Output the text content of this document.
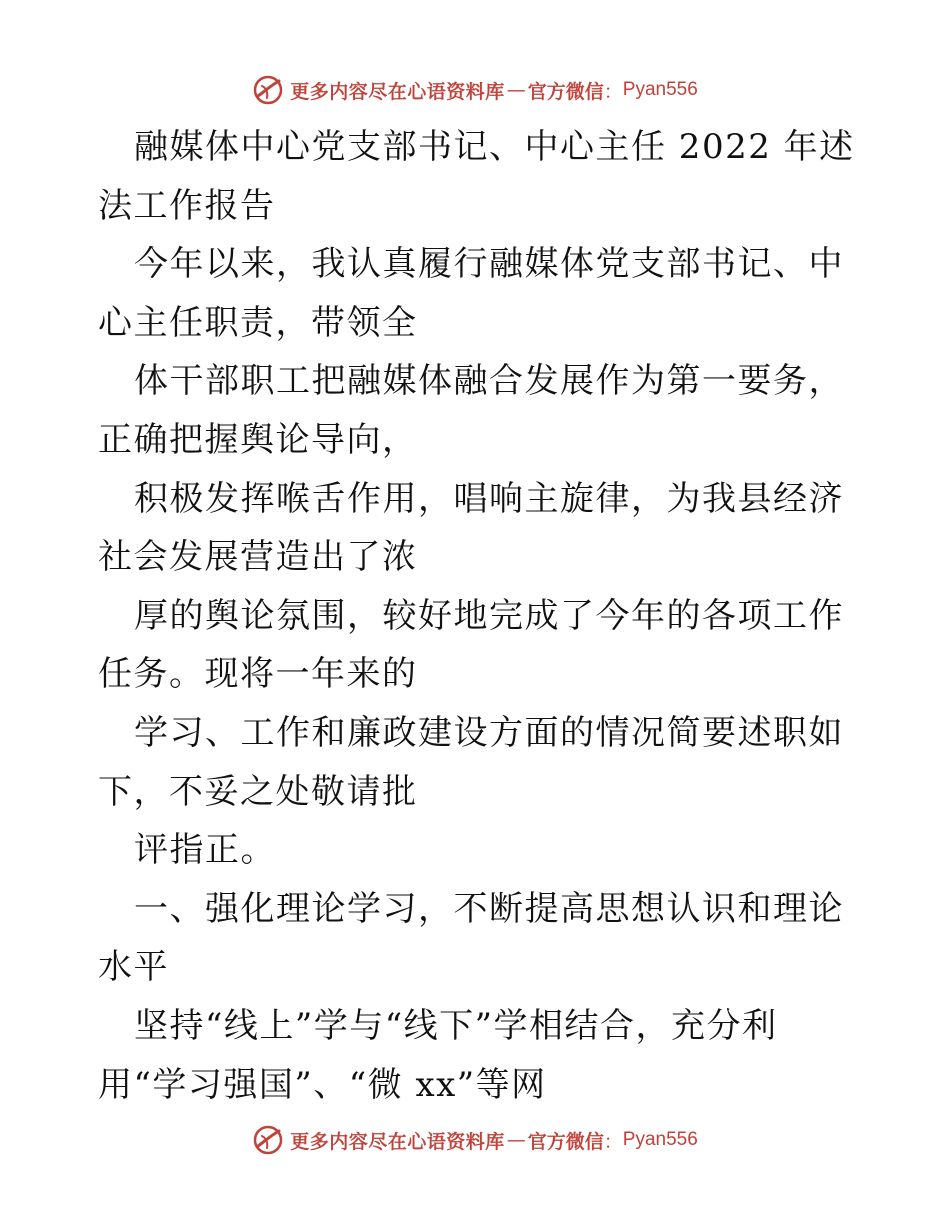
更多内容尽在心语资料库 — 官方微信 ： Pyan556

融媒体中心党支部书记、中心主任 2022 年述法工作报告

今年以来，我认真履行融媒体党支部书记、中心主任职责，带领全

体干部职工把融媒体融合发展作为第一要务，正确把握舆论导向，

积极发挥喉舌作用，唱响主旋律，为我县经济社会发展营造出了浓

厚的舆论氛围，较好地完成了今年的各项工作任务。现将一年来的

学习、工作和廉政建设方面的情况简要述职如下，不妥之处敬请批

评指正。

一、强化理论学习，不断提高思想认识和理论水平

坚持“线上”学与“线下”学相结合，充分利用“学习强国”、“微 xx”等网

更多内容尽在心语资料库 — 官方微信 ： Pyan556
